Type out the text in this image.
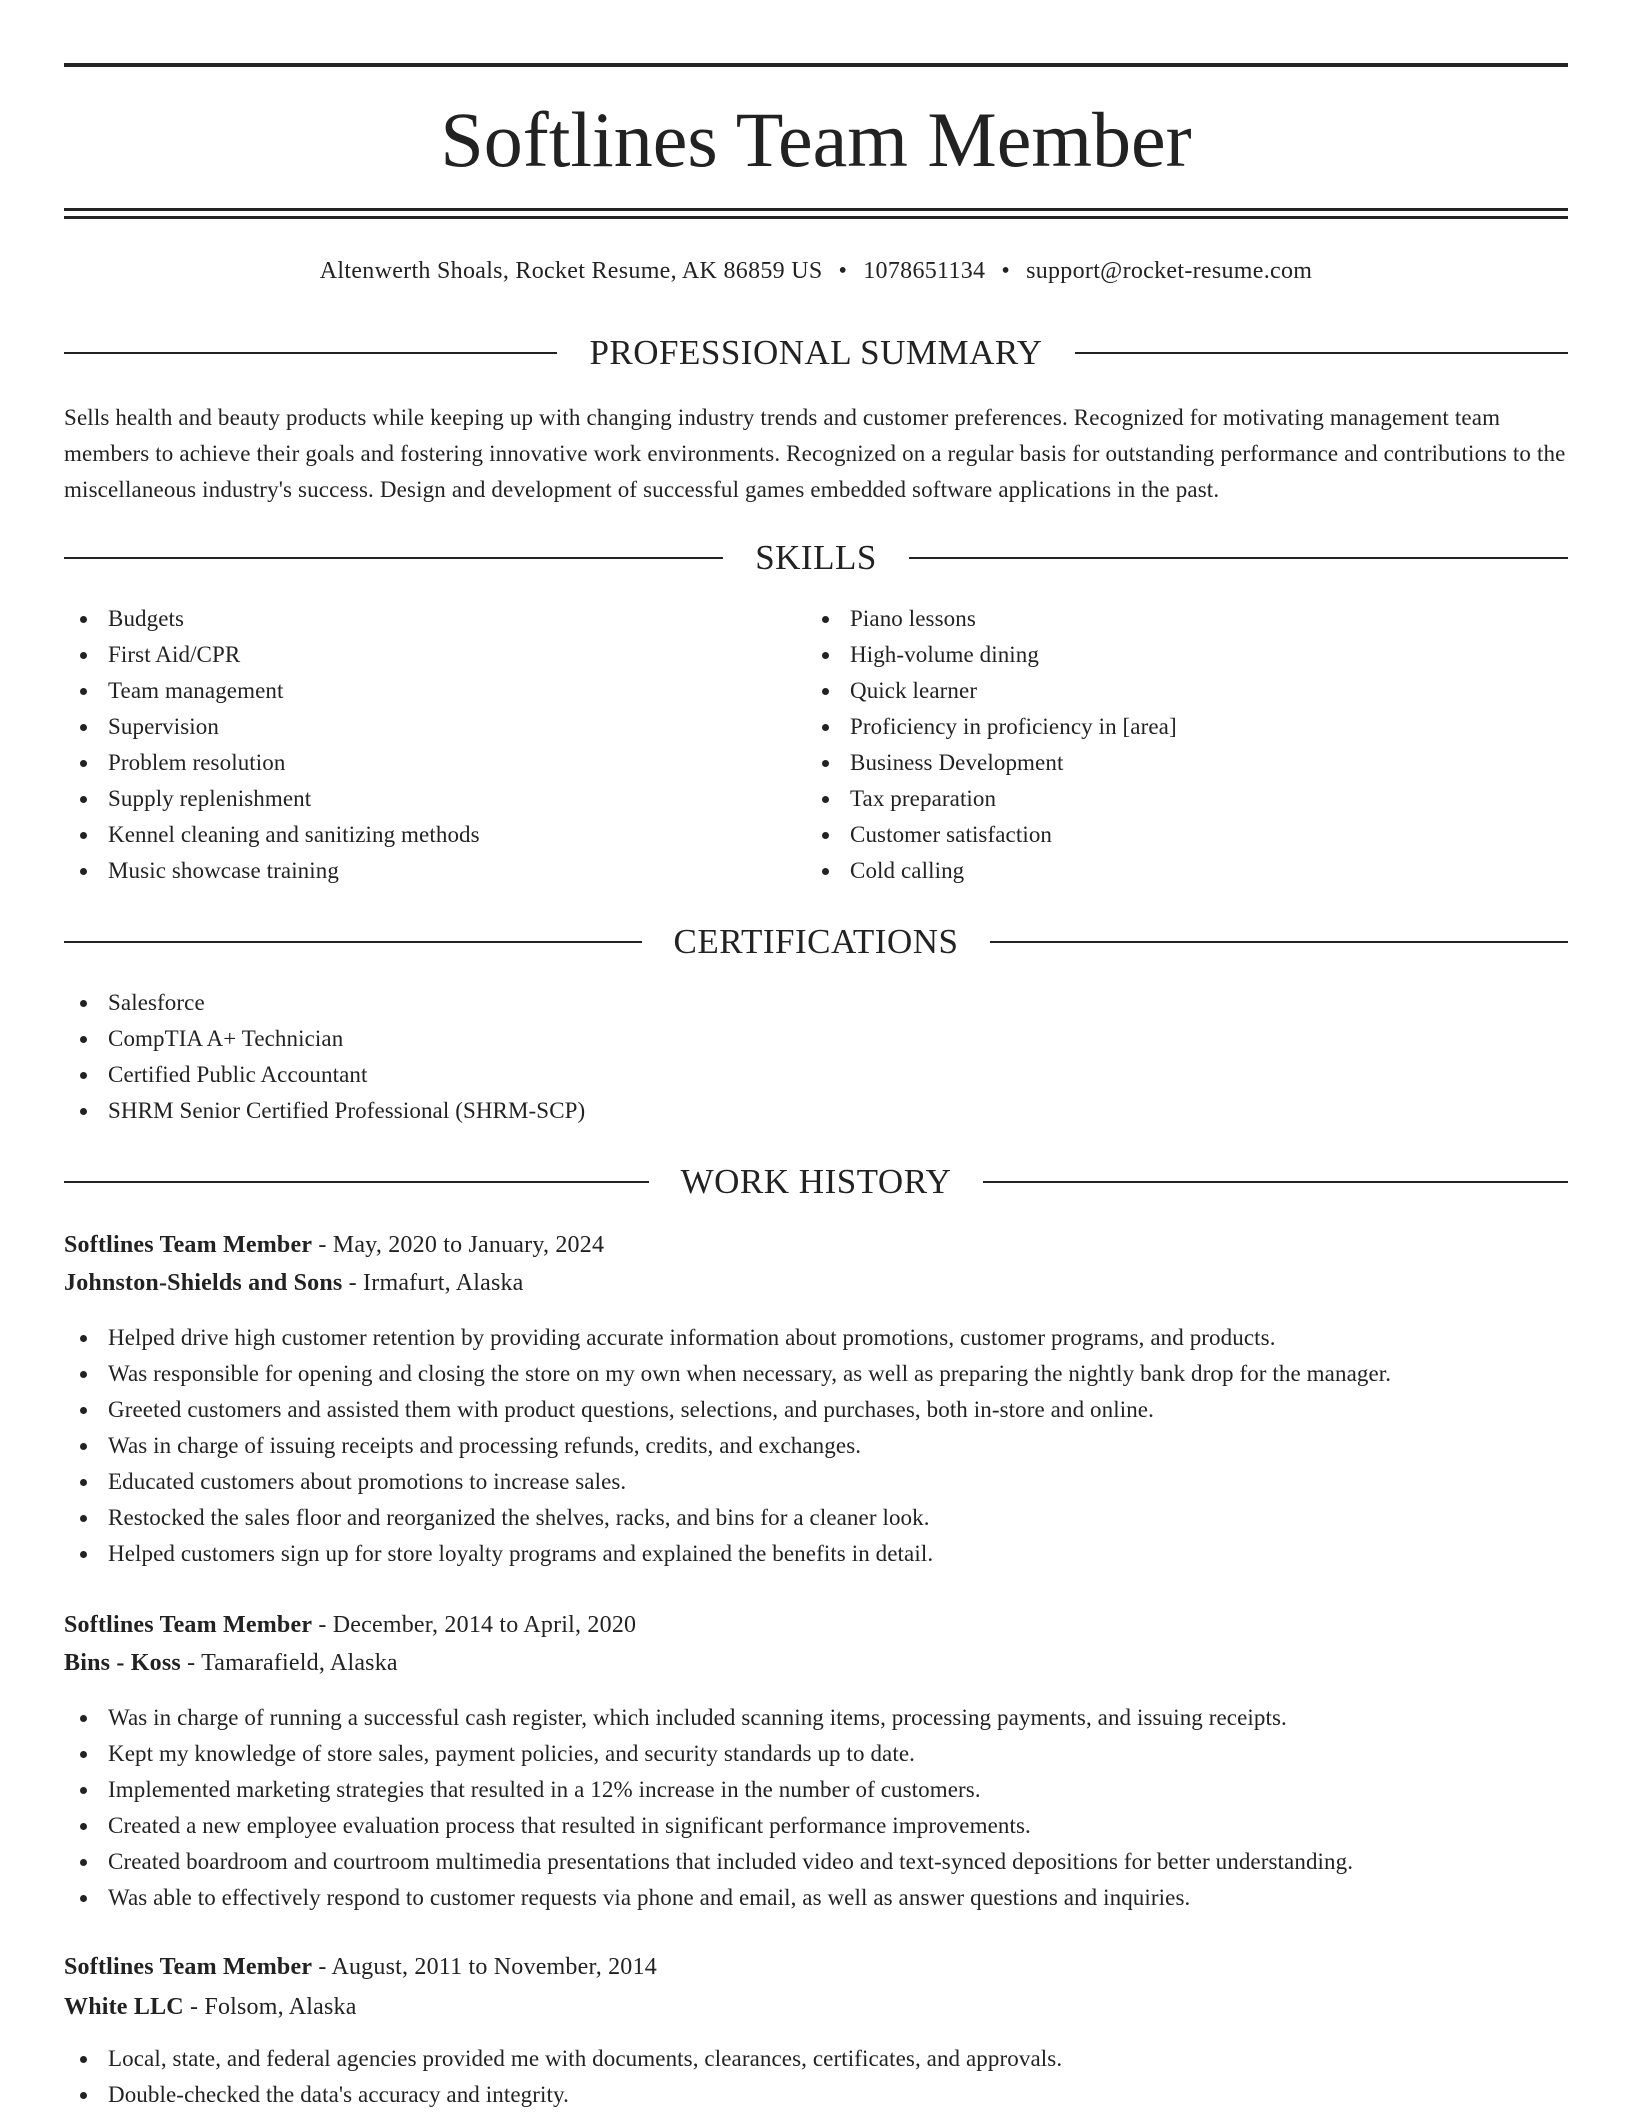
Softlines Team Member
Altenwerth Shoals, Rocket Resume, AK 86859 US • 1078651134 • support@rocket-resume.com
PROFESSIONAL SUMMARY

Sells health and beauty products while keeping up with changing industry trends and customer preferences. Recognized for motivating management team members to achieve their goals and fostering innovative work environments. Recognized on a regular basis for outstanding performance and contributions to the miscellaneous industry's success. Design and development of successful games embedded software applications in the past.

SKILLS
Budgets
First Aid/CPR
Team management
Supervision
Problem resolution
Supply replenishment
Kennel cleaning and sanitizing methods
Music showcase training
Piano lessons
High-volume dining
Quick learner
Proficiency in proficiency in [area]
Business Development
Tax preparation
Customer satisfaction
Cold calling
CERTIFICATIONS
Salesforce
CompTIA A+ Technician
Certified Public Accountant
SHRM Senior Certified Professional (SHRM-SCP)
WORK HISTORY
Softlines Team Member - May, 2020 to January, 2024
Johnston-Shields and Sons - Irmafurt, Alaska
Helped drive high customer retention by providing accurate information about promotions, customer programs, and products.
Was responsible for opening and closing the store on my own when necessary, as well as preparing the nightly bank drop for the manager.
Greeted customers and assisted them with product questions, selections, and purchases, both in-store and online.
Was in charge of issuing receipts and processing refunds, credits, and exchanges.
Educated customers about promotions to increase sales.
Restocked the sales floor and reorganized the shelves, racks, and bins for a cleaner look.
Helped customers sign up for store loyalty programs and explained the benefits in detail.
Softlines Team Member - December, 2014 to April, 2020
Bins - Koss - Tamarafield, Alaska
Was in charge of running a successful cash register, which included scanning items, processing payments, and issuing receipts.
Kept my knowledge of store sales, payment policies, and security standards up to date.
Implemented marketing strategies that resulted in a 12% increase in the number of customers.
Created a new employee evaluation process that resulted in significant performance improvements.
Created boardroom and courtroom multimedia presentations that included video and text-synced depositions for better understanding.
Was able to effectively respond to customer requests via phone and email, as well as answer questions and inquiries.
Softlines Team Member - August, 2011 to November, 2014
White LLC - Folsom, Alaska
Local, state, and federal agencies provided me with documents, clearances, certificates, and approvals.
Double-checked the data's accuracy and integrity.
